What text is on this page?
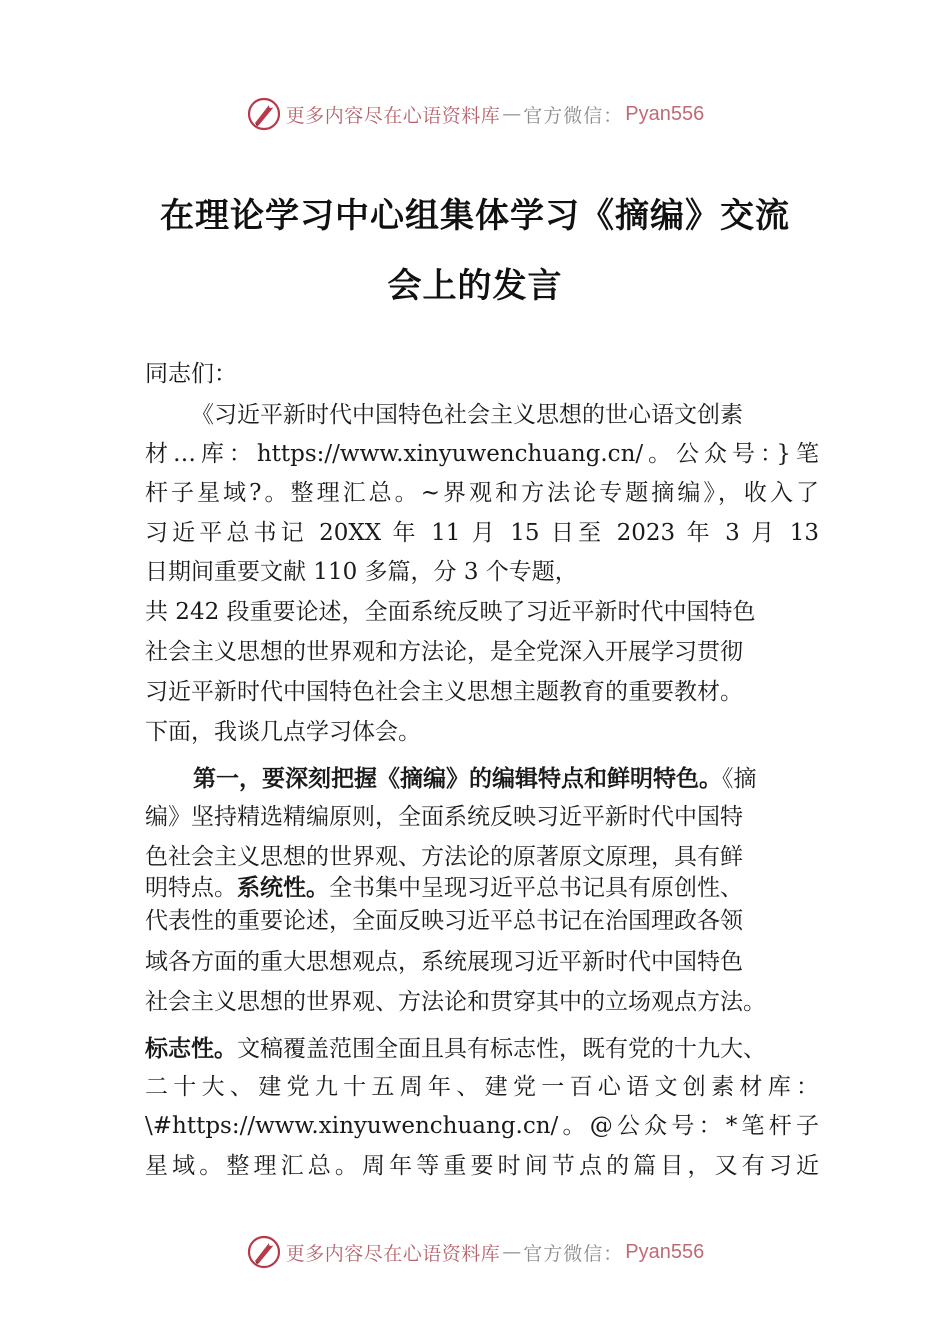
更多内容尽在心语资料库 — 官方微信： Pyan556
在理论学习中心组集体学习《摘编》交流
会上的发言
同志们：
《习近平新时代中国特色社会主义思想的世心语文创素
材…库：https://www.xinyuwenchuang.cn/。公众号：}笔
杆子星域?。整理汇总。~界观和方法论专题摘编》，收入了
习近平总书记 20XX 年 11 月 15 日至 2023 年 3 月 13
日期间重要文献 110 多篇，分 3 个专题，
共 242 段重要论述，全面系统反映了习近平新时代中国特色
社会主义思想的世界观和方法论，是全党深入开展学习贯彻
习近平新时代中国特色社会主义思想主题教育的重要教材。
下面，我谈几点学习体会。
第一，要深刻把握《摘编》的编辑特点和鲜明特色。《摘
编》坚持精选精编原则，全面系统反映习近平新时代中国特
色社会主义思想的世界观、方法论的原著原文原理，具有鲜
明特点。系统性。全书集中呈现习近平总书记具有原创性、
代表性的重要论述，全面反映习近平总书记在治国理政各领
域各方面的重大思想观点，系统展现习近平新时代中国特色
社会主义思想的世界观、方法论和贯穿其中的立场观点方法。
标志性。文稿覆盖范围全面且具有标志性，既有党的十九大、
二十大、建党九十五周年、建党一百心语文创素材库：
\#https://www.xinyuwenchuang.cn/。@公众号：*笔杆子
星域。整理汇总。周年等重要时间节点的篇目，又有习近
更多内容尽在心语资料库 — 官方微信： Pyan556
